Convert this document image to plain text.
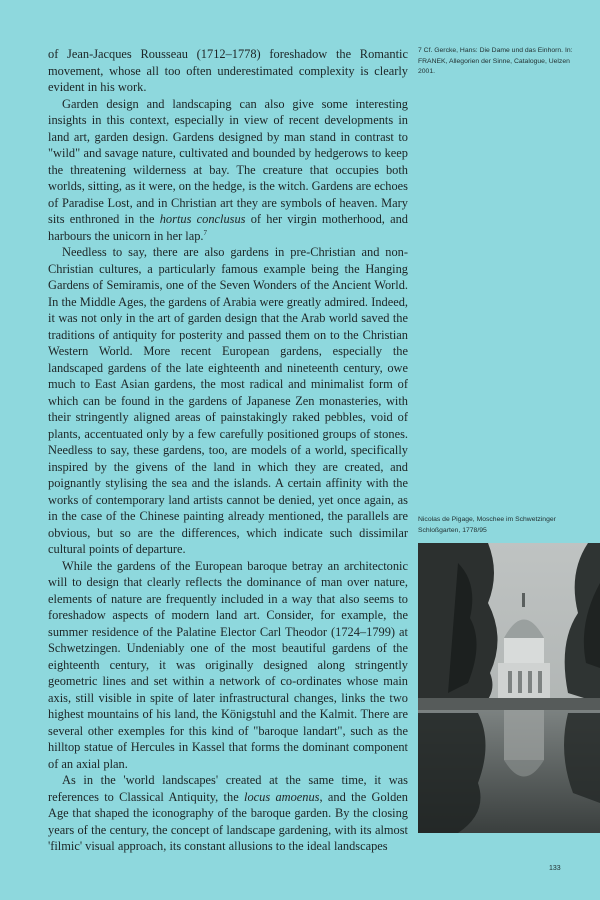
of Jean-Jacques Rousseau (1712–1778) foreshadow the Romantic movement, whose all too often underestimated complexity is clearly evident in his work.

Garden design and landscaping can also give some interesting insights in this context, especially in view of recent developments in land art, garden design. Gardens designed by man stand in contrast to "wild" and savage nature, cultivated and bounded by hedgerows to keep the threatening wilderness at bay. The creature that occupies both worlds, sitting, as it were, on the hedge, is the witch. Gardens are echoes of Paradise Lost, and in Christian art they are symbols of heaven. Mary sits enthroned in the hortus conclusus of her virgin motherhood, and harbours the unicorn in her lap.$^7$

Needless to say, there are also gardens in pre-Christian and non-Christian cultures, a particularly famous example being the Hanging Gardens of Semiramis, one of the Seven Wonders of the Ancient World. In the Middle Ages, the gardens of Arabia were greatly admired. Indeed, it was not only in the art of garden design that the Arab world saved the traditions of antiquity for posterity and passed them on to the Christian Western World. More recent European gardens, especially the landscaped gardens of the late eighteenth and nineteenth century, owe much to East Asian gardens, the most radical and minimalist form of which can be found in the gardens of Japanese Zen monasteries, with their stringently aligned areas of painstakingly raked pebbles, void of plants, accentuated only by a few carefully positioned groups of stones. Needless to say, these gardens, too, are models of a world, specifically inspired by the givens of the land in which they are created, and poignantly stylising the sea and the islands. A certain affinity with the works of contemporary land artists cannot be denied, yet once again, as in the case of the Chinese painting already mentioned, the parallels are obvious, but so are the differences, which indicate such dissimilar cultural points of departure.

While the gardens of the European baroque betray an architectonic will to design that clearly reflects the dominance of man over nature, elements of nature are frequently included in a way that also seems to foreshadow aspects of modern land art. Consider, for example, the summer residence of the Palatine Elector Carl Theodor (1724–1799) at Schwetzingen. Undeniably one of the most beautiful gardens of the eighteenth century, it was originally designed along stringently geometric lines and set within a network of co-ordinates whose main axis, still visible in spite of later infrastructural changes, links the two highest mountains of his land, the Königstuhl and the Kalmit. There are several other exemples for this kind of "baroque landart", such as the hilltop statue of Hercules in Kassel that forms the dominant component of an axial plan.

As in the 'world landscapes' created at the same time, it was references to Classical Antiquity, the locus amoenus, and the Golden Age that shaped the iconography of the baroque garden. By the closing years of the century, the concept of landscape gardening, with its almost 'filmic' visual approach, its constant allusions to the ideal landscapes

7 Cf. Gercke, Hans: Die Dame und das Einhorn. In: FRANEK, Allegorien der Sinne, Catalogue, Uelzen 2001.
Nicolas de Pigage, Moschee im Schwetzinger Schloßgarten, 1778/95
133
